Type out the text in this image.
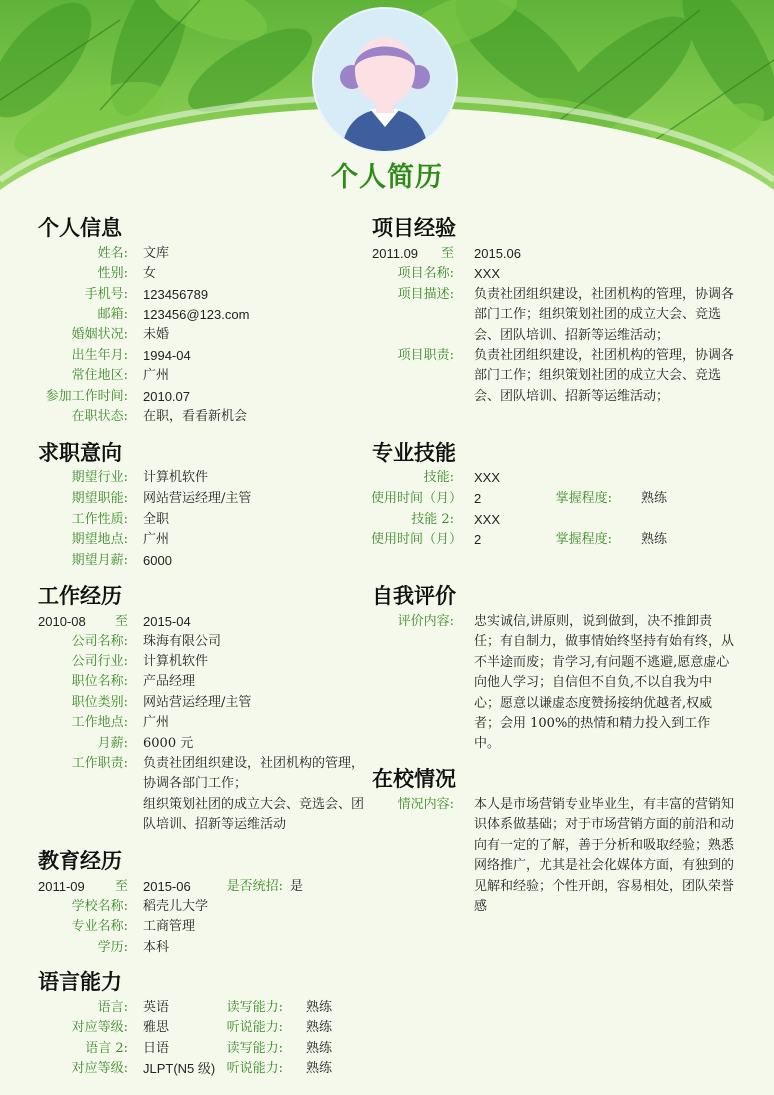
个人简历
个人信息
姓名: 文库
性别: 女
手机号: 123456789
邮箱: 123456@123.com
婚姻状况: 未婚
出生年月: 1994-04
常住地区: 广州
参加工作时间: 2010.07
在职状态: 在职，看看新机会
求职意向
期望行业: 计算机软件
期望职能: 网站营运经理/主管
工作性质: 全职
期望地点: 广州
期望月薪: 6000
工作经历
2010-08	至 2015-04
公司名称: 珠海有限公司
公司行业: 计算机软件
职位名称: 产品经理
职位类别: 网站营运经理/主管
工作地点: 广州
月薪: 6000 元
工作职责: 负责社团组织建设，社团机构的管理，协调各部门工作；
组织策划社团的成立大会、竞选会、团队培训、招新等运维活动
教育经历
2011-09	至 2015-06	是否统招: 是
学校名称: 稻壳儿大学
专业名称: 工商管理
学历: 本科
语言能力
语言: 英语	读写能力: 熟练
对应等级: 雅思	听说能力: 熟练
语言 2: 日语	读写能力: 熟练
对应等级: JLPT(N5 级) 听说能力: 熟练
项目经验
2011.09	至 2015.06
项目名称: XXX
项目描述: 负责社团组织建设，社团机构的管理，协调各部门工作；组织策划社团的成立大会、竞选会、团队培训、招新等运维活动；
项目职责: 负责社团组织建设，社团机构的管理，协调各部门工作；组织策划社团的成立大会、竞选会、团队培训、招新等运维活动；
专业技能
技能: XXX
使用时间（月） 2	掌握程度: 熟练
技能 2: XXX
使用时间（月） 2	掌握程度: 熟练
自我评价
评价内容: 忠实诚信,讲原则，说到做到，决不推卸责任；有自制力，做事情始终坚持有始有终，从不半途而废；肯学习,有问题不逃避,愿意虚心向他人学习；自信但不自负,不以自我为中心；愿意以谦虚态度赞扬接纳优越者,权威者；会用 100%的热情和精力投入到工作中。
在校情况
情况内容: 本人是市场营销专业毕业生，有丰富的营销知识体系做基础；对于市场营销方面的前沿和动向有一定的了解，善于分析和吸取经验；熟悉网络推广，尤其是社会化媒体方面，有独到的见解和经验；个性开朗，容易相处，团队荣誉感
